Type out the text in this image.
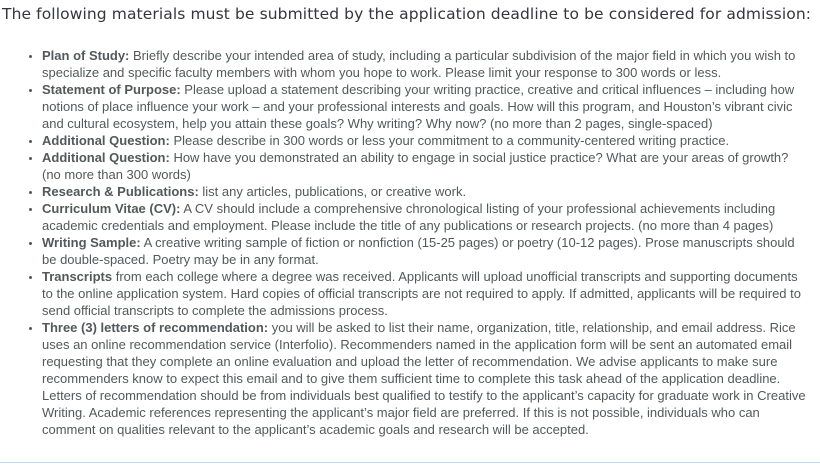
The following materials must be submitted by the application deadline to be considered for admission:
• Plan of Study: Briefly describe your intended area of study, including a particular subdivision of the major field in which you wish to specialize and specific faculty members with whom you hope to work. Please limit your response to 300 words or less.
• Statement of Purpose: Please upload a statement describing your writing practice, creative and critical influences – including how notions of place influence your work – and your professional interests and goals. How will this program, and Houston’s vibrant civic and cultural ecosystem, help you attain these goals? Why writing? Why now? (no more than 2 pages, single-spaced)
• Additional Question: Please describe in 300 words or less your commitment to a community-centered writing practice.
• Additional Question: How have you demonstrated an ability to engage in social justice practice? What are your areas of growth? (no more than 300 words)
• Research & Publications: list any articles, publications, or creative work.
• Curriculum Vitae (CV): A CV should include a comprehensive chronological listing of your professional achievements including academic credentials and employment. Please include the title of any publications or research projects. (no more than 4 pages)
• Writing Sample: A creative writing sample of fiction or nonfiction (15-25 pages) or poetry (10-12 pages). Prose manuscripts should be double-spaced. Poetry may be in any format.
• Transcripts from each college where a degree was received. Applicants will upload unofficial transcripts and supporting documents to the online application system. Hard copies of official transcripts are not required to apply. If admitted, applicants will be required to send official transcripts to complete the admissions process.
• Three (3) letters of recommendation: you will be asked to list their name, organization, title, relationship, and email address. Rice uses an online recommendation service (Interfolio). Recommenders named in the application form will be sent an automated email requesting that they complete an online evaluation and upload the letter of recommendation. We advise applicants to make sure recommenders know to expect this email and to give them sufficient time to complete this task ahead of the application deadline. Letters of recommendation should be from individuals best qualified to testify to the applicant’s capacity for graduate work in Creative Writing. Academic references representing the applicant’s major field are preferred. If this is not possible, individuals who can comment on qualities relevant to the applicant’s academic goals and research will be accepted.
